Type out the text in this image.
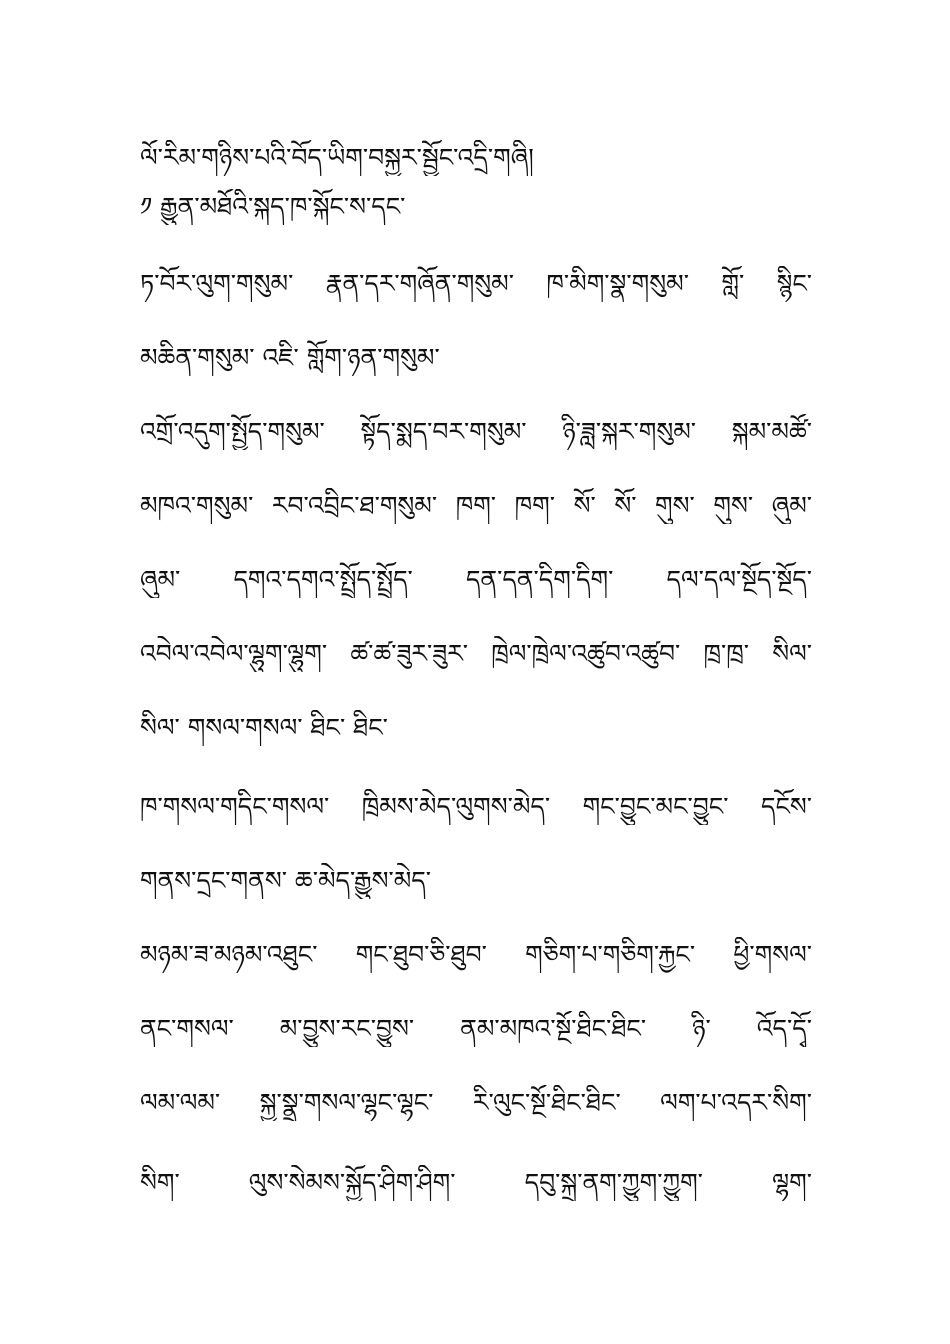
ལོ་རིམ་གཉིས་པའི་བོད་ཡིག་བསྐྱར་སྦྱོང་འདྲི་གཞི།
༡ རྒྱུན་མཐོའི་སྐད་ཁ་སྐོང་ས་དང་
ཏ་བོར་ལུག་གསུམ་ རྣན་དར་གཞོན་གསུམ་ ཁ་མིག་སྣ་གསུམ་ གློ་ སྙིང་
མཆིན་གསུམ་ འཇི་ གློག་ཉན་གསུམ་
འགྲོ་འདུག་སྤྱོད་གསུམ་ སྟོད་སྨད་བར་གསུམ་ ཉི་ཟླ་སྐར་གསུམ་ སྐམ་མཚོ་
མཁའ་གསུམ་ རབ་འབྲིང་ཐ་གསུམ་ ཁག་ ཁག་ སོ་ སོ་ གུས་ གུས་ ཞུམ་
ཞུམ་ དགའ་དགའ་སྤྲོད་སྤྲོད་ དན་དན་དིག་དིག་ དལ་དལ་སྔོད་སྔོད་
འབེལ་འབེལ་ལྷུག་ལྷུག་ ཚ་ཚ་ཟུར་ཟུར་ ཁྲེལ་ཁྲེལ་འཚུབ་འཚུབ་ ཁྲ་ཁྲ་ སིལ་
སིལ་ གསལ་གསལ་ ཐིང་ ཐིང་
ཁ་གསལ་གདིང་གསལ་ ཁྲིམས་མེད་ལུགས་མེད་ གང་བྱུང་མང་བྱུང་ དངོས་
གནས་དྲང་གནས་ ཆ་མེད་རྒྱུས་མེད་
མཉམ་ཟ་མཉམ་འཐུང་ གང་ཐུབ་ཅི་ཐུབ་ གཅིག་པ་གཅིག་རྐྱང་ ཕྱི་གསལ་
ནང་གསལ་ མ་བྱུས་རང་བྱུས་ ནམ་མཁའ་སྔོ་ཐིང་ཐིང་ ཉི་ འོད་དྭོ་
ལམ་ལམ་ སྐྱ་སྣྲ་གསལ་ལྷང་ལྷང་ རི་ལུང་སྔོ་ཐིང་ཐིང་ ལག་པ་འདར་སིག་
སིག་ ལུས་སེམས་སྐྱོད་ཤིག་ཤིག་ དབུ་སྐྲ་ནག་ཀྱུག་ཀྱུག་ ལྷག་
